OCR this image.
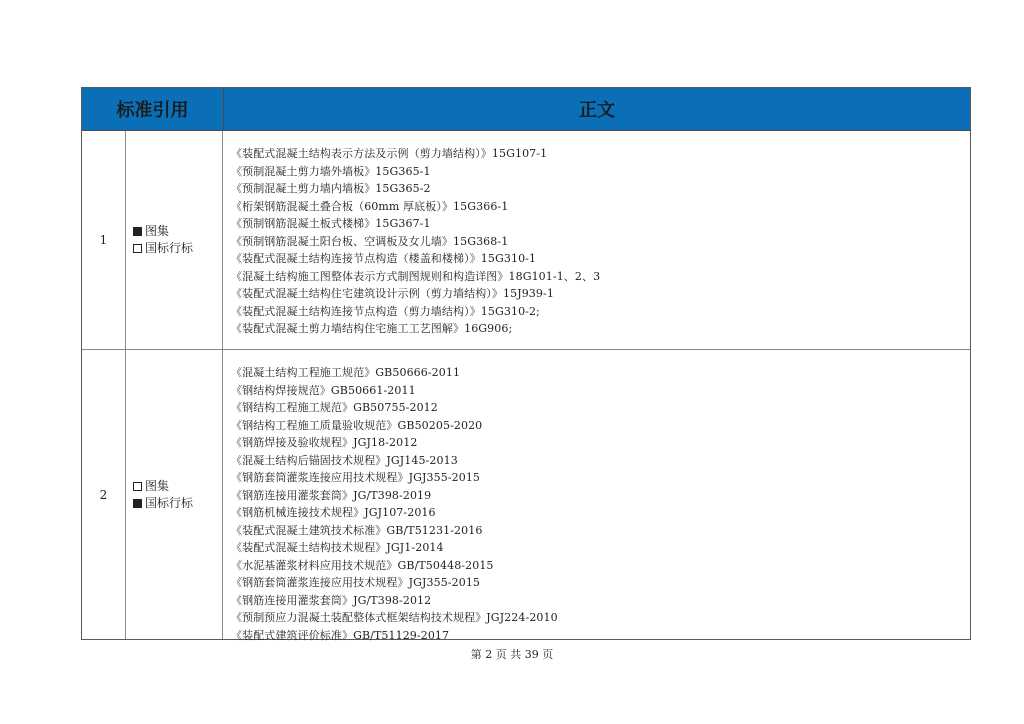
标准引用	正文
1
图集
国标行标
《装配式混凝土结构表示方法及示例（剪力墙结构）》15G107-1
《预制混凝土剪力墙外墙板》15G365-1
《预制混凝土剪力墙内墙板》15G365-2
《桁架钢筋混凝土叠合板（60mm 厚底板）》15G366-1
《预制钢筋混凝土板式楼梯》15G367-1
《预制钢筋混凝土阳台板、空调板及女儿墙》15G368-1
《装配式混凝土结构连接节点构造（楼盖和楼梯）》15G310-1
《混凝土结构施工图整体表示方式制图规则和构造详图》18G101-1、2、3
《装配式混凝土结构住宅建筑设计示例（剪力墙结构）》15J939-1
《装配式混凝土结构连接节点构造（剪力墙结构）》15G310-2;
《装配式混凝土剪力墙结构住宅施工工艺图解》16G906;
2
图集
国标行标
《混凝土结构工程施工规范》GB50666-2011
《钢结构焊接规范》GB50661-2011
《钢结构工程施工规范》GB50755-2012
《钢结构工程施工质量验收规范》GB50205-2020
《钢筋焊接及验收规程》JGJ18-2012
《混凝土结构后锚固技术规程》JGJ145-2013
《钢筋套筒灌浆连接应用技术规程》JGJ355-2015
《钢筋连接用灌浆套筒》JG/T398-2019
《钢筋机械连接技术规程》JGJ107-2016
《装配式混凝土建筑技术标准》GB/T51231-2016
《装配式混凝土结构技术规程》JGJ1-2014
《水泥基灌浆材料应用技术规范》GB/T50448-2015
《钢筋套筒灌浆连接应用技术规程》JGJ355-2015
《钢筋连接用灌浆套筒》JG/T398-2012
《预制预应力混凝土装配整体式框架结构技术规程》JGJ224-2010
《装配式建筑评价标准》GB/T51129-2017
第 2 页 共 39 页
